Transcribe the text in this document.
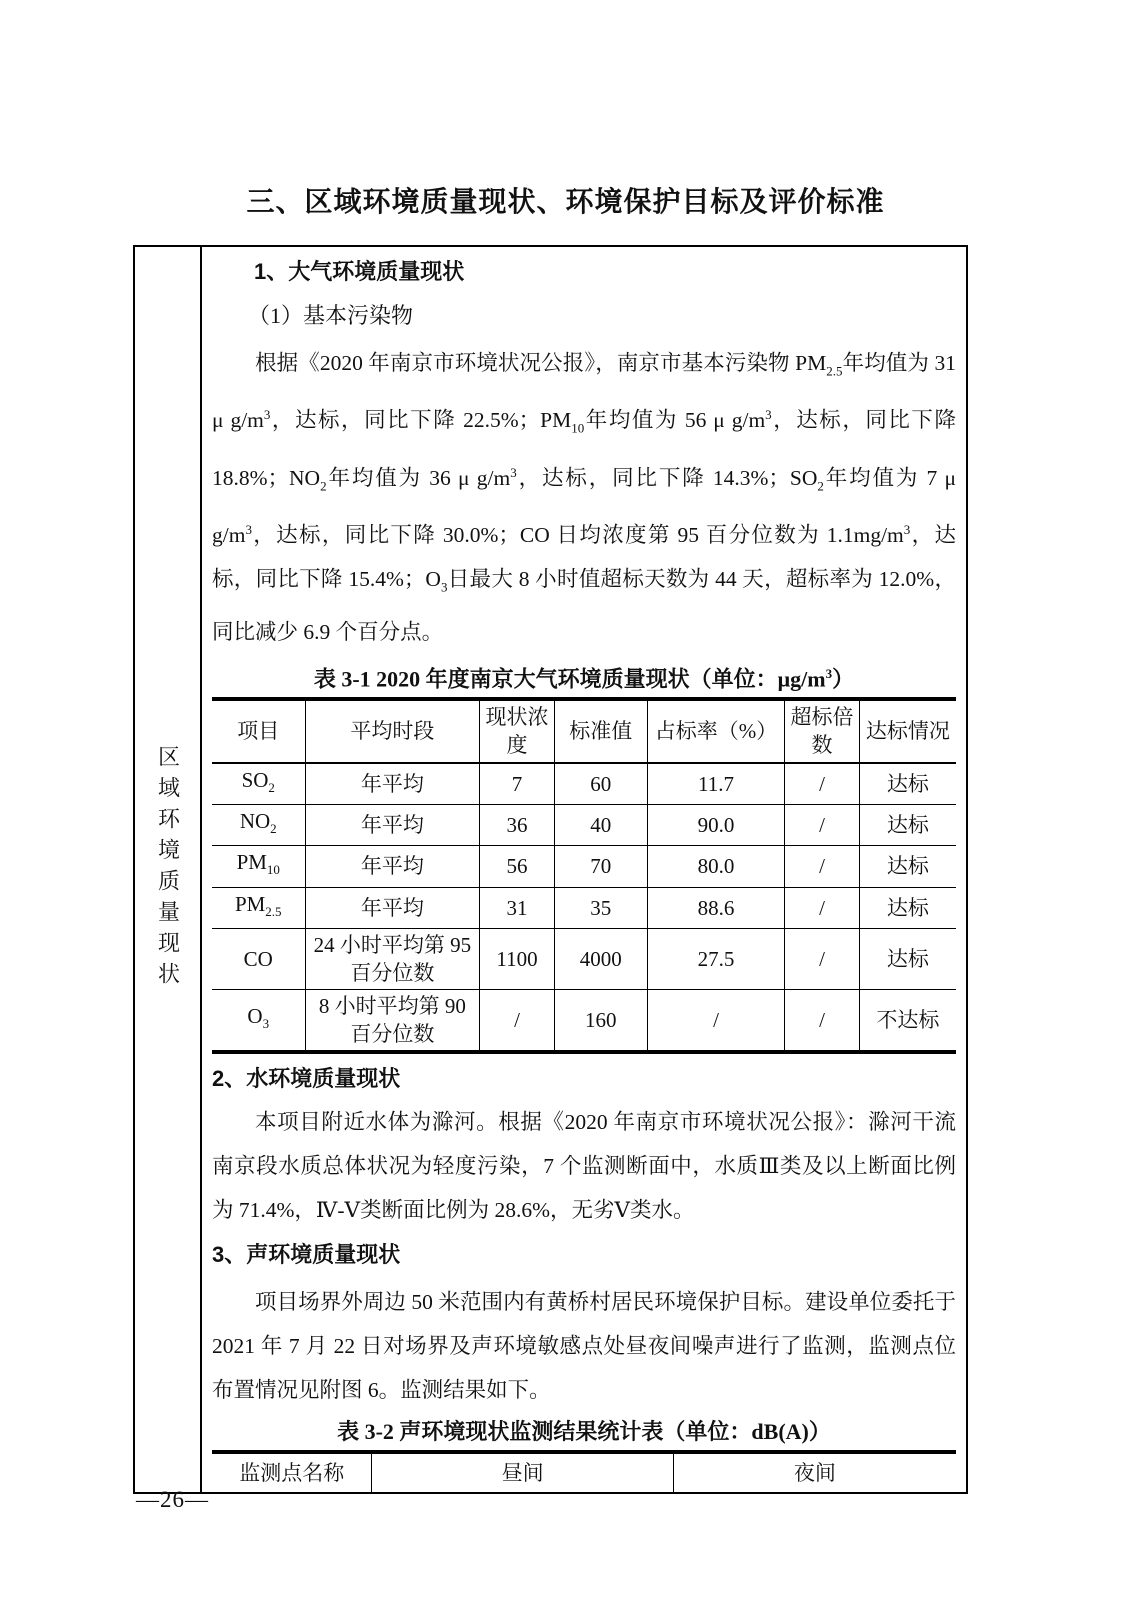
三、区域环境质量现状、环境保护目标及评价标准
区域环境质量现状
1、大气环境质量现状
（1）基本污染物
根据《2020 年南京市环境状况公报》，南京市基本污染物 $PM_{2.5}$年均值为 31 μ $g/m^3$，达标，同比下降 22.5%；$PM_{10}$年均值为 56 μ $g/m^3$，达标，同比下降 18.8%；$NO_2$年均值为 36 μ $g/m^3$，达标，同比下降 14.3%；$SO_2$年均值为 7 μ $g/m^3$，达标，同比下降 30.0%；CO 日均浓度第 95 百分位数为 $1.1mg/m^3$，达标，同比下降 15.4%；$O_3$日最大 8 小时值超标天数为 44 天，超标率为 12.0%，同比减少 6.9 个百分点。
表 3-1 2020 年度南京大气环境质量现状（单位：$\mu g/m^3$）
项目	平均时段	现状浓度	标准值	占标率（%）	超标倍数	达标情况
$SO_2$	年平均	7	60	11.7	/	达标
$NO_2$	年平均	36	40	90.0	/	达标
$PM_{10}$	年平均	56	70	80.0	/	达标
$PM_{2.5}$	年平均	31	35	88.6	/	达标
CO	24 小时平均第 95 百分位数	1100	4000	27.5	/	达标
$O_3$	8 小时平均第 90 百分位数	/	160	/	/	不达标
2、水环境质量现状
本项目附近水体为滁河。根据《2020 年南京市环境状况公报》：滁河干流南京段水质总体状况为轻度污染，7 个监测断面中，水质Ⅲ类及以上断面比例为 71.4%，Ⅳ-Ⅴ类断面比例为 28.6%，无劣Ⅴ类水。
3、声环境质量现状
项目场界外周边 50 米范围内有黄桥村居民环境保护目标。建设单位委托于 2021 年 7 月 22 日对场界及声环境敏感点处昼夜间噪声进行了监测，监测点位布置情况见附图 6。监测结果如下。
表 3-2 声环境现状监测结果统计表（单位：dB(A)）
监测点名称	昼间	夜间
—26—
